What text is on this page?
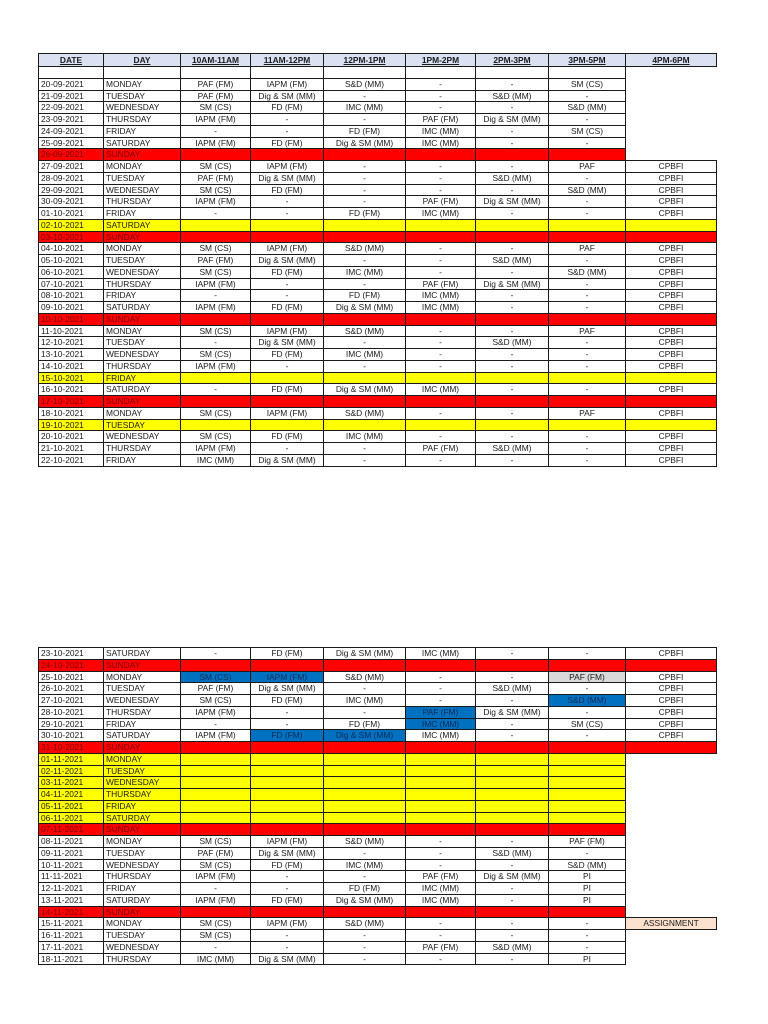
DATE	DAY	10AM-11AM	11AM-12PM	12PM-1PM	1PM-2PM	2PM-3PM	3PM-5PM	4PM-6PM

20-09-2021	MONDAY	PAF (FM)	IAPM (FM)	S&D (MM)	-	-	SM (CS)	
21-09-2021	TUESDAY	PAF (FM)	Dig & SM (MM)	-	-	S&D (MM)	-	
22-09-2021	WEDNESDAY	SM (CS)	FD (FM)	IMC (MM)	-	-	S&D (MM)	
23-09-2021	THURSDAY	IAPM (FM)	-	-	PAF (FM)	Dig & SM (MM)	-	
24-09-2021	FRIDAY	-	-	FD (FM)	IMC (MM)	-	SM (CS)	
25-09-2021	SATURDAY	IAPM (FM)	FD (FM)	Dig & SM (MM)	IMC (MM)	-	-	
26-09-2021	SUNDAY							
27-09-2021	MONDAY	SM (CS)	IAPM (FM)	-	-	-	PAF	CPBFI
28-09-2021	TUESDAY	PAF (FM)	Dig & SM (MM)	-	-	S&D (MM)	-	CPBFI
29-09-2021	WEDNESDAY	SM (CS)	FD (FM)	-	-	-	S&D (MM)	CPBFI
30-09-2021	THURSDAY	IAPM (FM)	-	-	PAF (FM)	Dig & SM (MM)	-	CPBFI
01-10-2021	FRIDAY	-	-	FD (FM)	IMC (MM)	-	-	CPBFI
02-10-2021	SATURDAY							
03-10-2021	SUNDAY							
04-10-2021	MONDAY	SM (CS)	IAPM (FM)	S&D (MM)	-	-	PAF	CPBFI
05-10-2021	TUESDAY	PAF (FM)	Dig & SM (MM)	-	-	S&D (MM)	-	CPBFI
06-10-2021	WEDNESDAY	SM (CS)	FD (FM)	IMC (MM)	-	-	S&D (MM)	CPBFI
07-10-2021	THURSDAY	IAPM (FM)	-	-	PAF (FM)	Dig & SM (MM)	-	CPBFI
08-10-2021	FRIDAY	-	-	FD (FM)	IMC (MM)	-	-	CPBFI
09-10-2021	SATURDAY	IAPM (FM)	FD (FM)	Dig & SM (MM)	IMC (MM)	-	-	CPBFI
10-10-2021	SUNDAY							
11-10-2021	MONDAY	SM (CS)	IAPM (FM)	S&D (MM)	-	-	PAF	CPBFI
12-10-2021	TUESDAY	-	Dig & SM (MM)	-	-	S&D (MM)	-	CPBFI
13-10-2021	WEDNESDAY	SM (CS)	FD (FM)	IMC (MM)	-	-	-	CPBFI
14-10-2021	THURSDAY	IAPM (FM)	-	-	-	-	-	CPBFI
15-10-2021	FRIDAY							
16-10-2021	SATURDAY	-	FD (FM)	Dig & SM (MM)	IMC (MM)	-	-	CPBFI
17-10-2021	SUNDAY							
18-10-2021	MONDAY	SM (CS)	IAPM (FM)	S&D (MM)	-	-	PAF	CPBFI
19-10-2021	TUESDAY							
20-10-2021	WEDNESDAY	SM (CS)	FD (FM)	IMC (MM)	-	-	-	CPBFI
21-10-2021	THURSDAY	IAPM (FM)	-	-	PAF (FM)	S&D (MM)	-	CPBFI
22-10-2021	FRIDAY	IMC (MM)	Dig & SM (MM)	-	-	-	-	CPBFI
23-10-2021	SATURDAY	-	FD (FM)	Dig & SM (MM)	IMC (MM)	-	-	CPBFI
24-10-2021	SUNDAY							
25-10-2021	MONDAY	SM (CS)	IAPM (FM)	S&D (MM)	-	-	PAF (FM)	CPBFI
26-10-2021	TUESDAY	PAF (FM)	Dig & SM (MM)	-	-	S&D (MM)	-	CPBFI
27-10-2021	WEDNESDAY	SM (CS)	FD (FM)	IMC (MM)	-	-	S&D (MM)	CPBFI
28-10-2021	THURSDAY	IAPM (FM)	-	-	PAF (FM)	Dig & SM (MM)	-	CPBFI
29-10-2021	FRIDAY	-	-	FD (FM)	IMC (MM)	-	SM (CS)	CPBFI
30-10-2021	SATURDAY	IAPM (FM)	FD (FM)	Dig & SM (MM)	IMC (MM)	-	-	CPBFI
31-10-2021	SUNDAY							
01-11-2021	MONDAY							
02-11-2021	TUESDAY							
03-11-2021	WEDNESDAY							
04-11-2021	THURSDAY							
05-11-2021	FRIDAY							
06-11-2021	SATURDAY							
07-11-2021	SUNDAY							
08-11-2021	MONDAY	SM (CS)	IAPM (FM)	S&D (MM)	-	-	PAF (FM)	
09-11-2021	TUESDAY	PAF (FM)	Dig & SM (MM)	-	-	S&D (MM)	-	
10-11-2021	WEDNESDAY	SM (CS)	FD (FM)	IMC (MM)	-	-	S&D (MM)	
11-11-2021	THURSDAY	IAPM (FM)	-	-	PAF (FM)	Dig & SM (MM)	PI	
12-11-2021	FRIDAY	-	-	FD (FM)	IMC (MM)	-	PI	
13-11-2021	SATURDAY	IAPM (FM)	FD (FM)	Dig & SM (MM)	IMC (MM)	-	PI	
14-11-2021	SUNDAY							
15-11-2021	MONDAY	SM (CS)	IAPM (FM)	S&D (MM)	-	-	-	ASSIGNMENT
16-11-2021	TUESDAY	SM (CS)	-	-	-	-	-	
17-11-2021	WEDNESDAY	-	-	-	PAF (FM)	S&D (MM)	-	
18-11-2021	THURSDAY	IMC (MM)	Dig & SM (MM)	-	-	-	PI	
